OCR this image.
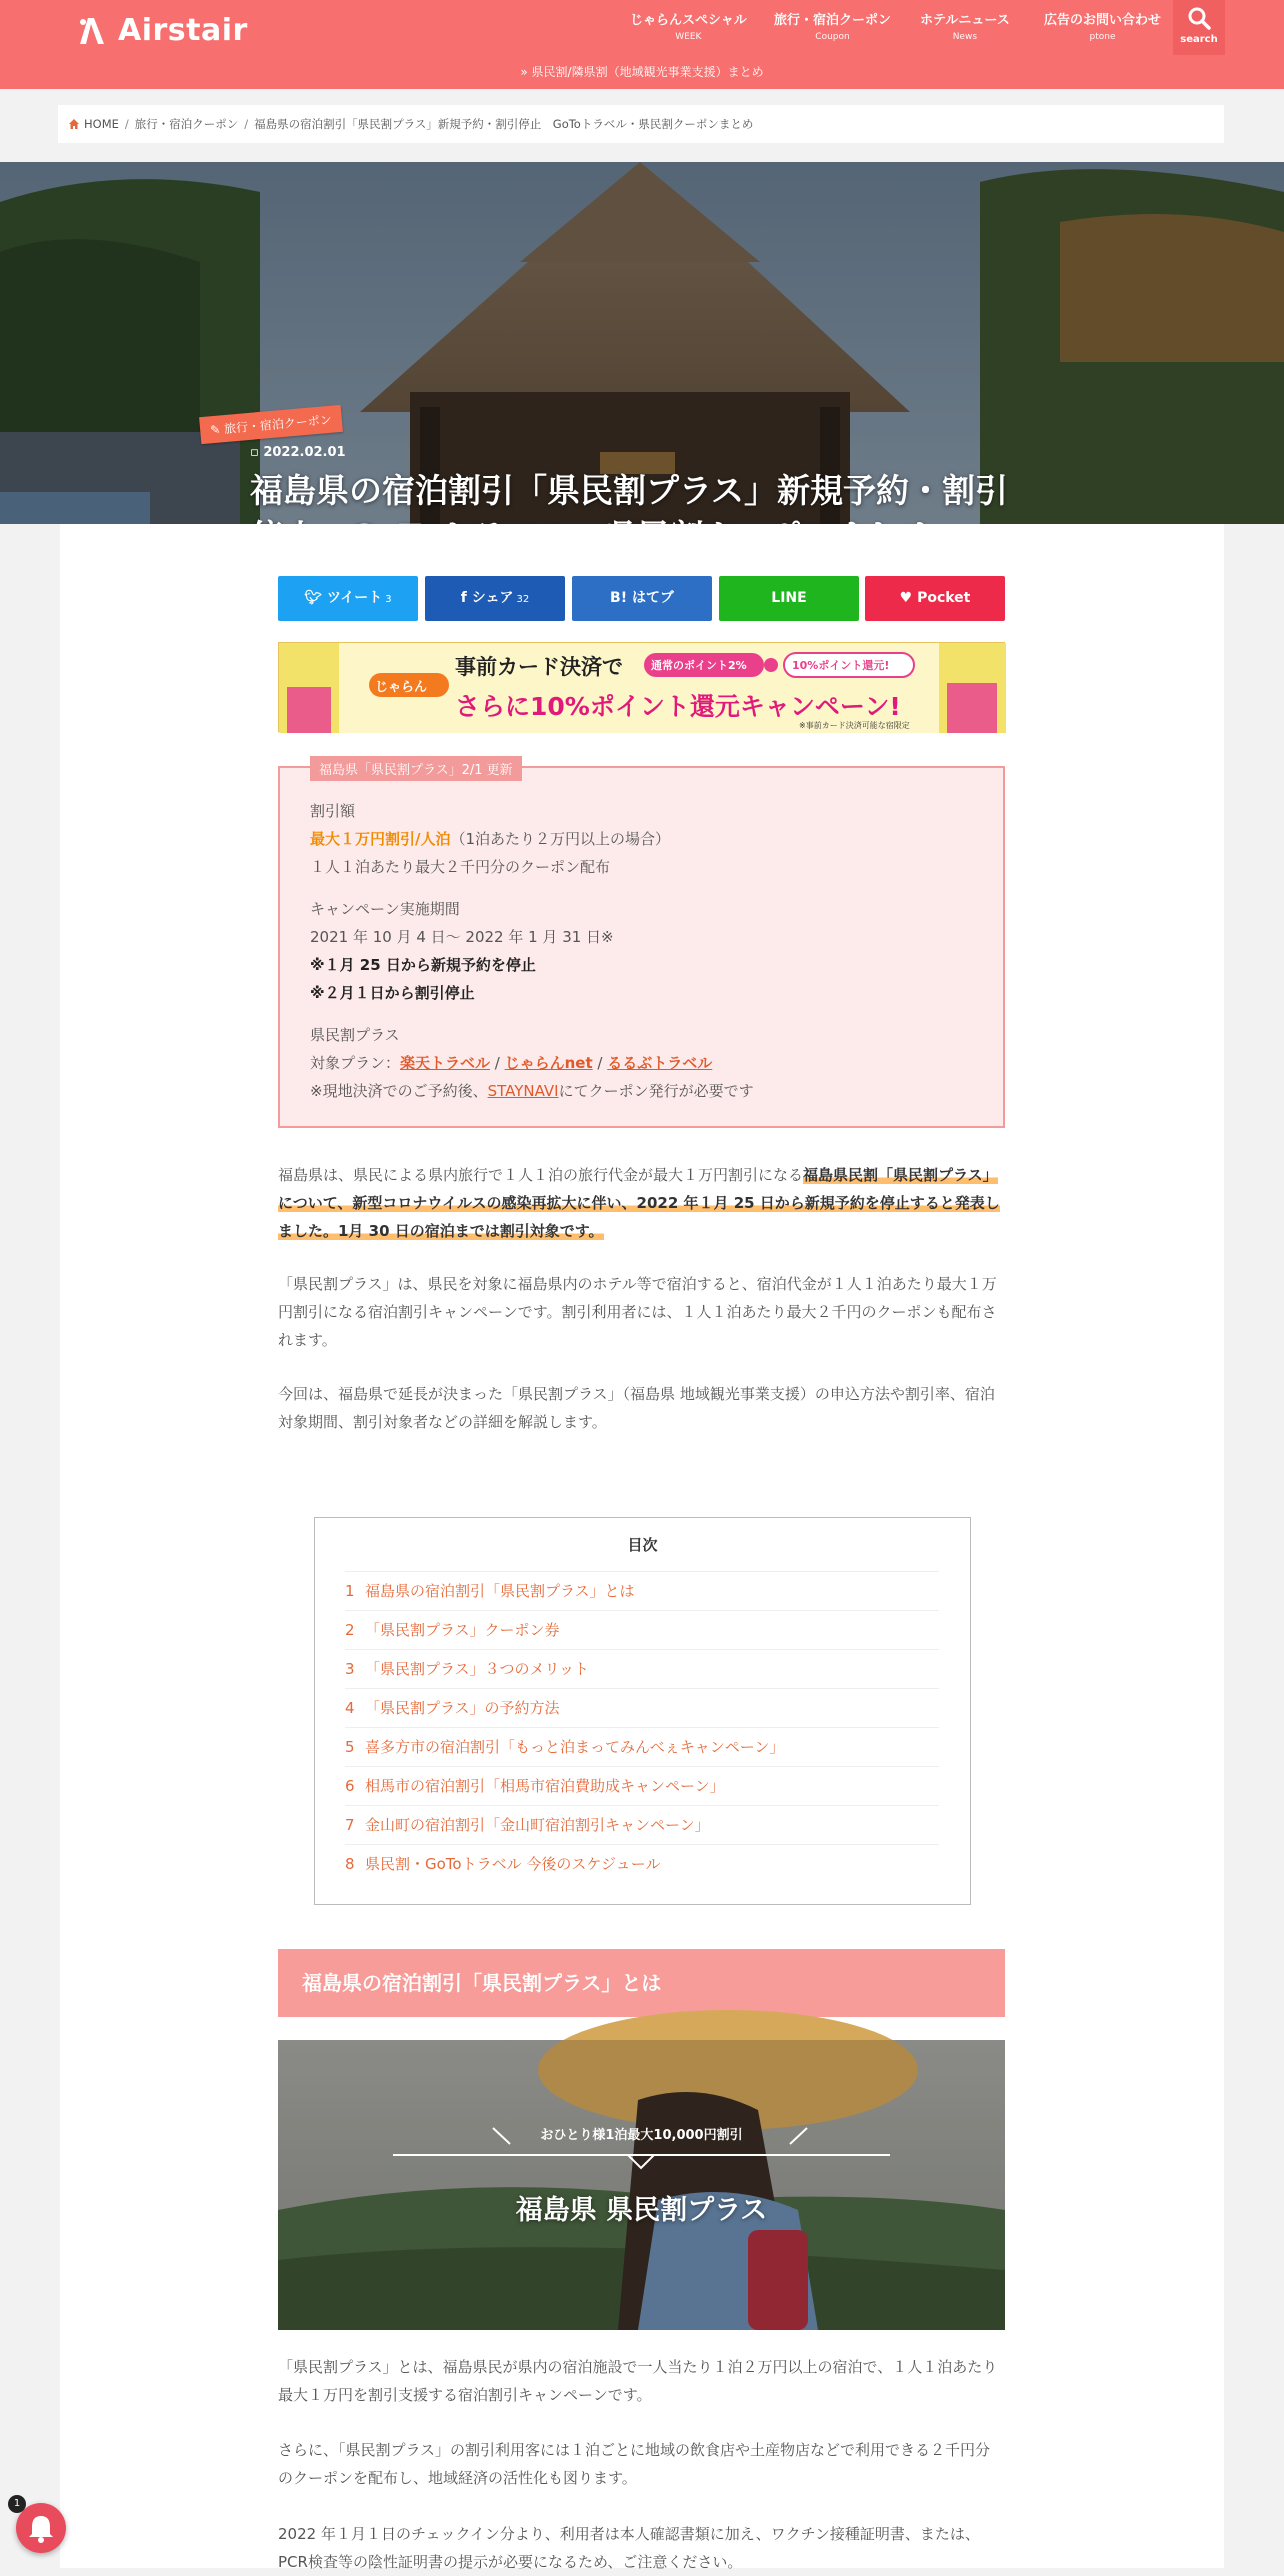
Airstair	じゃらんスペシャル
WEEK
旅行・宿泊クーポン
Coupon
ホテルニュース
News
広告のお問い合わせ
ptone	search
» 県民割/隣県割（地域観光事業支援）まとめ
HOME / 旅行・宿泊クーポン / 福島県の宿泊割引「県民割プラス」新規予約・割引停止　GoToトラベル・県民割クーポンまとめ
✎ 旅行・宿泊クーポン
▫ 2022.02.01
福島県の宿泊割引「県民割プラス」新規予約・割引　
🐦︎ ツイート 3	f シェア 32	B! はてブ	LINE	♥ Pocket
じゃらん
事前カード決済で
さらに10%ポイント還元キャンペーン!
通常のポイント2%	10%ポイント還元!
※事前カード決済可能な宿限定
福島県「県民割プラス」2/1 更新
割引額
最大１万円割引/人泊（1泊あたり２万円以上の場合）
１人１泊あたり最大２千円分のクーポン配布
キャンペーン実施期間
2021 年 10 月 4 日〜 2022 年 1 月 31 日※
※１月 25 日から新規予約を停止
※２月１日から割引停止
県民割プラス
対象プラン：楽天トラベル / じゃらんnet / るるぶトラベル
※現地決済でのご予約後、STAYNAVIにてクーポン発行が必要です
福島県は、県民による県内旅行で１人１泊の旅行代金が最大１万円割引になる福島県民割「県民割プラス」について、新型コロナウイルスの感染再拡大に伴い、2022 年１月 25 日から新規予約を停止すると発表しました。1月 30 日の宿泊までは割引対象です。
「県民割プラス」は、県民を対象に福島県内のホテル等で宿泊すると、宿泊代金が１人１泊あたり最大１万円割引になる宿泊割引キャンペーンです。割引利用者には、１人１泊あたり最大２千円のクーポンも配布されます。
今回は、福島県で延長が決まった「県民割プラス」（福島県 地域観光事業支援）の申込方法や割引率、宿泊対象期間、割引対象者などの詳細を解説します。
目次
1 福島県の宿泊割引「県民割プラス」とは
2 「県民割プラス」クーポン券
3 「県民割プラス」３つのメリット
4 「県民割プラス」の予約方法
5 喜多方市の宿泊割引「もっと泊まってみんべぇキャンペーン」
6 相馬市の宿泊割引「相馬市宿泊費助成キャンペーン」
7 金山町の宿泊割引「金山町宿泊割引キャンペーン」
8 県民割・GoToトラベル 今後のスケジュール
福島県の宿泊割引「県民割プラス」とは
おひとり様1泊最大10,000円割引
福島県 県民割プラス
「県民割プラス」とは、福島県民が県内の宿泊施設で一人当たり１泊２万円以上の宿泊で、１人１泊あたり最大１万円を割引支援する宿泊割引キャンペーンです。
さらに、「県民割プラス」の割引利用客には１泊ごとに地域の飲食店や土産物店などで利用できる２千円分のクーポンを配布し、地域経済の活性化も図ります。
2022 年１月１日のチェックイン分より、利用者は本人確認書類に加え、ワクチン接種証明書、または、PCR検査等の陰性証明書の提示が必要になるため、ご注意ください。
1
